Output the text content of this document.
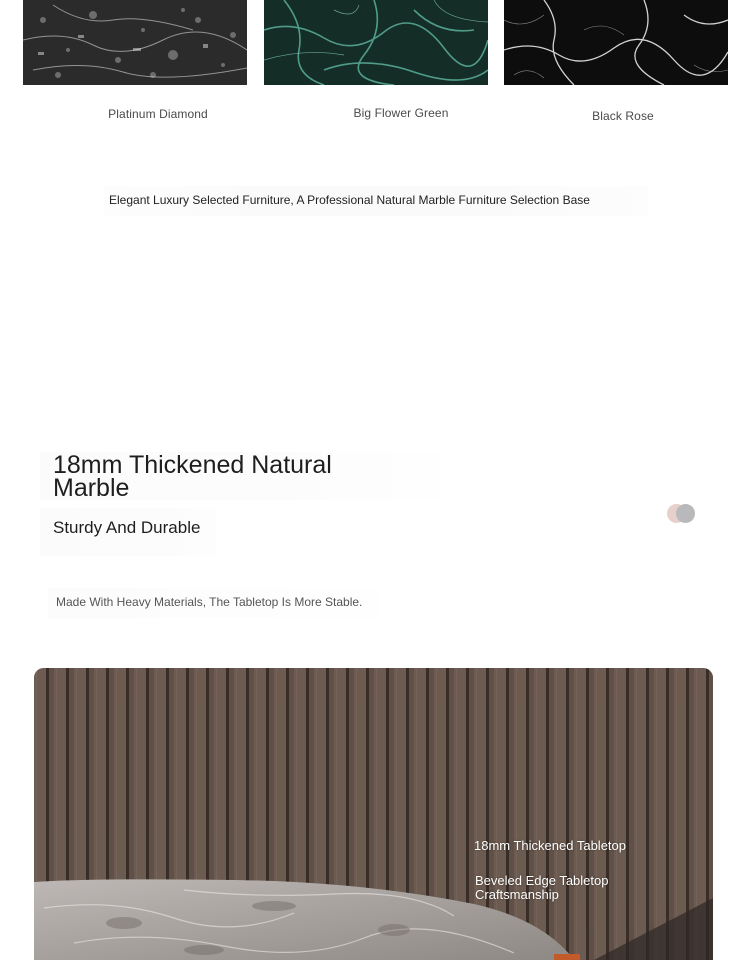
Platinum Diamond	Big Flower Green	Black Rose
Elegant Luxury Selected Furniture, A Professional Natural Marble Furniture Selection Base
18mm Thickened Natural Marble
Sturdy And Durable
Made With Heavy Materials, The Tabletop Is More Stable.
18mm Thickened Tabletop
Beveled Edge Tabletop Craftsmanship
